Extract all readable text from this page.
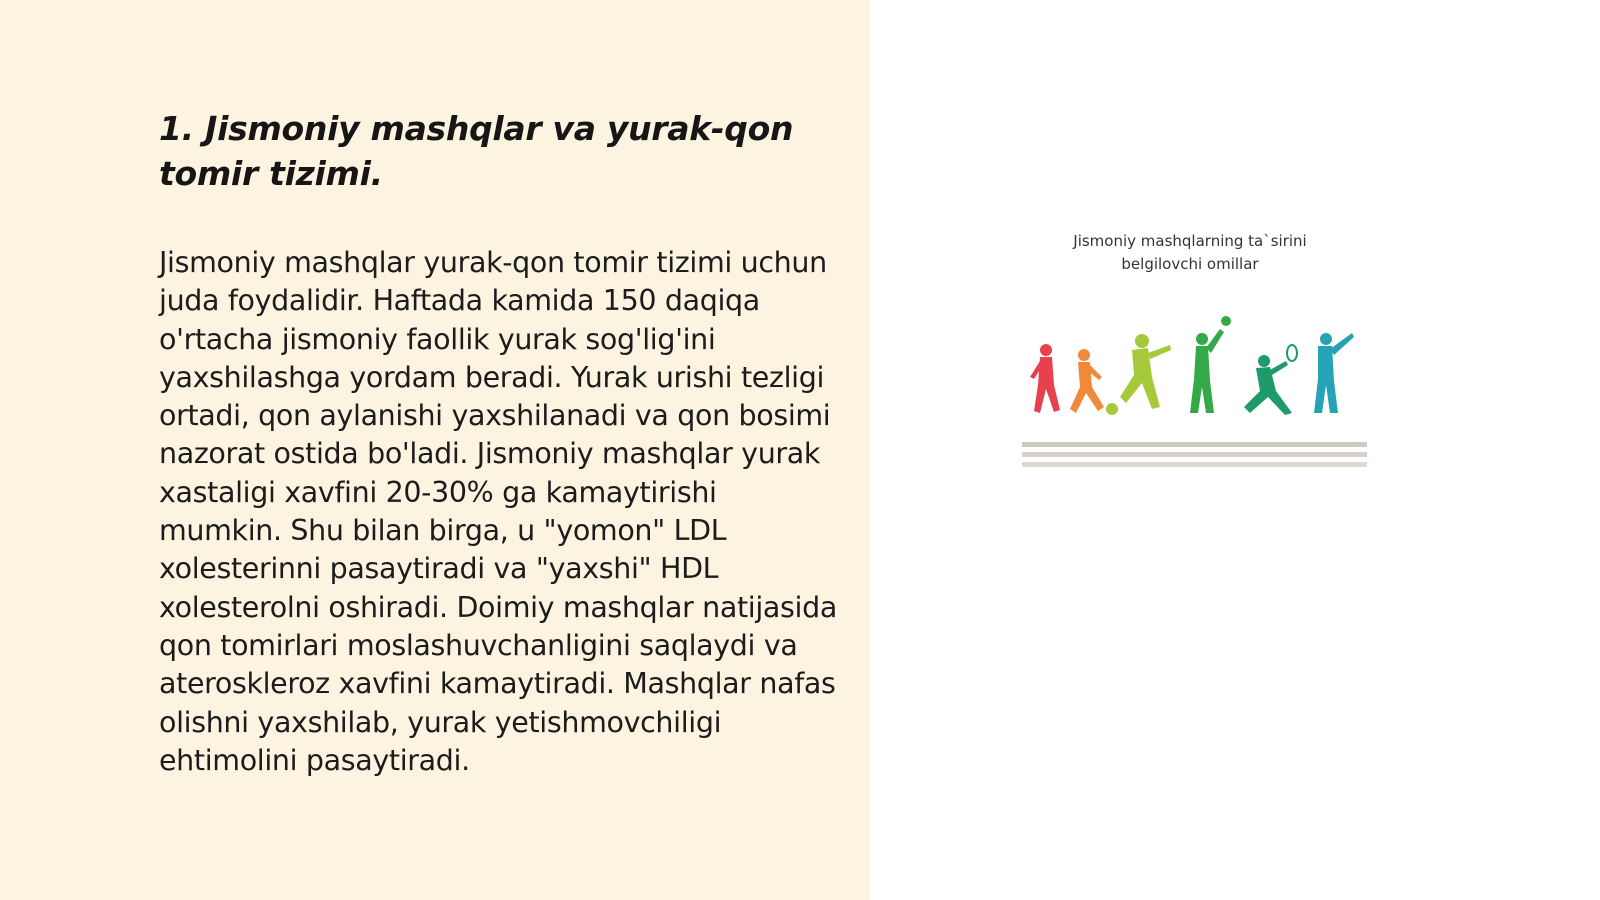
1. Jismoniy mashqlar va yurak-qon tomir tizimi.

Jismoniy mashqlar yurak-qon tomir tizimi uchun juda foydalidir. Haftada kamida 150 daqiqa o'rtacha jismoniy faollik yurak sog'lig'ini yaxshilashga yordam beradi. Yurak urishi tezligi ortadi, qon aylanishi yaxshilanadi va qon bosimi nazorat ostida bo'ladi. Jismoniy mashqlar yurak xastaligi xavfini 20-30% ga kamaytirishi mumkin. Shu bilan birga, u "yomon" LDL xolesterinni pasaytiradi va "yaxshi" HDL xolesterolni oshiradi. Doimiy mashqlar natijasida qon tomirlari moslashuvchanligini saqlaydi va ateroskleroz xavfini kamaytiradi. Mashqlar nafas olishni yaxshilab, yurak yetishmovchiligi ehtimolini pasaytiradi.

Jismoniy mashqlarning ta`sirini
belgilovchi omillar
